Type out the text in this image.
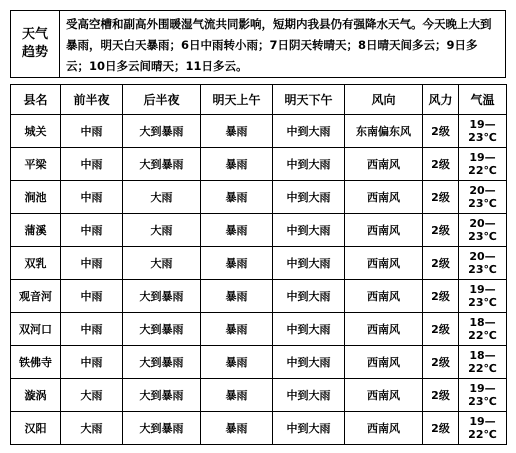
天气
趋势
受高空槽和副高外围暖湿气流共同影响，短期内我县仍有强降水天气。今天晚上大到暴雨，明天白天暴雨；6日中雨转小雨；7日阴天转晴天；8日晴天间多云；9日多云；10日多云间晴天；11日多云。
县名	前半夜	后半夜	明天上午	明天下午	风向	风力	气温
城关	中雨	大到暴雨	暴雨	中到大雨	东南偏东风	2级	19—23℃
平梁	中雨	大到暴雨	暴雨	中到大雨	西南风	2级	19—22℃
涧池	中雨	大雨	暴雨	中到大雨	西南风	2级	20—23℃
蒲溪	中雨	大雨	暴雨	中到大雨	西南风	2级	20—23℃
双乳	中雨	大雨	暴雨	中到大雨	西南风	2级	20—23℃
观音河	中雨	大到暴雨	暴雨	中到大雨	西南风	2级	19—23℃
双河口	中雨	大到暴雨	暴雨	中到大雨	西南风	2级	18—22℃
铁佛寺	中雨	大到暴雨	暴雨	中到大雨	西南风	2级	18—22℃
漩涡	大雨	大到暴雨	暴雨	中到大雨	西南风	2级	19—23℃
汉阳	大雨	大到暴雨	暴雨	中到大雨	西南风	2级	19—22℃
